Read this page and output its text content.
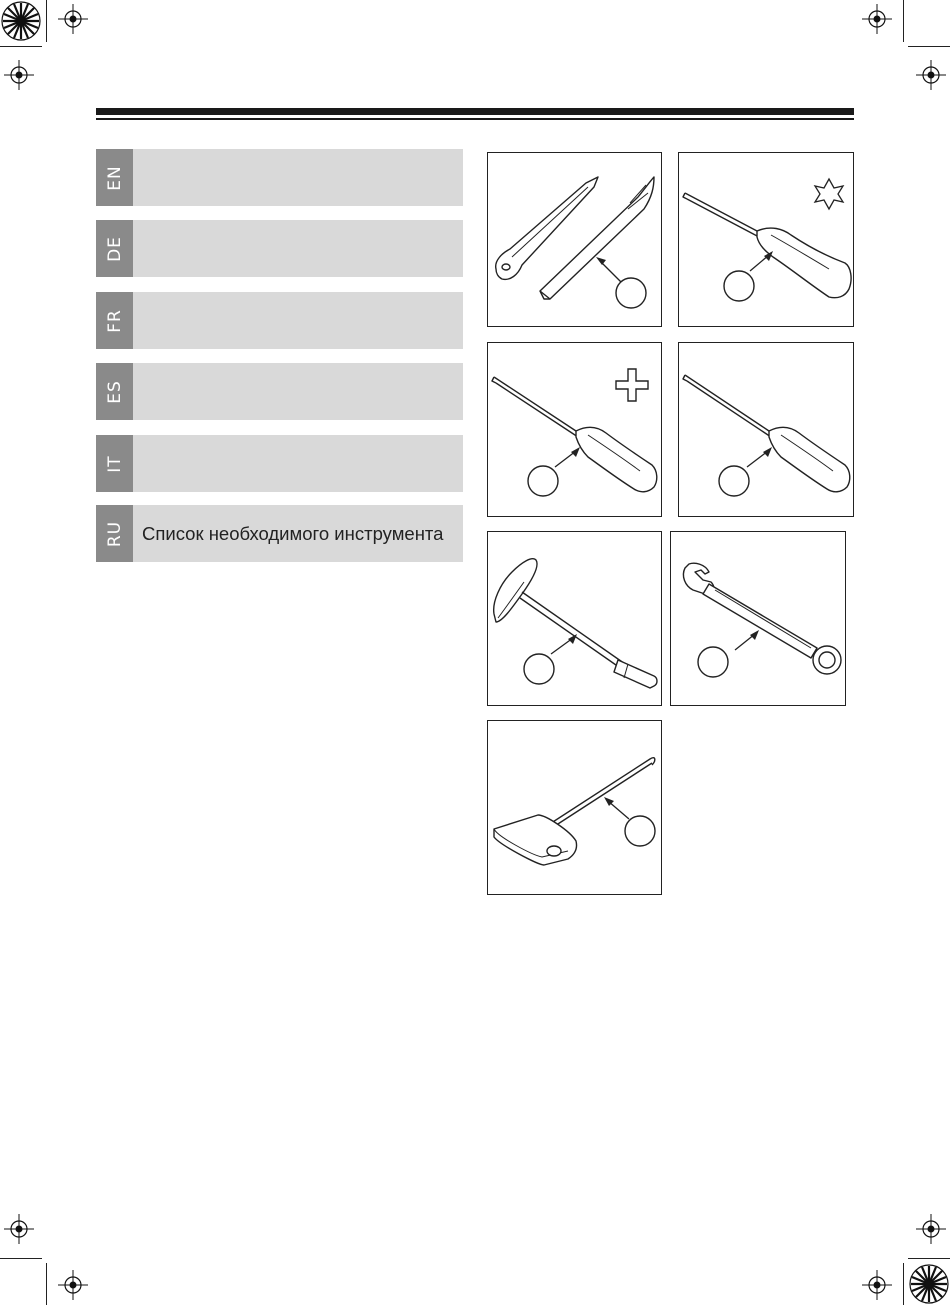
EN
DE
FR
ES
IT
RU Список необходимого инструмента
